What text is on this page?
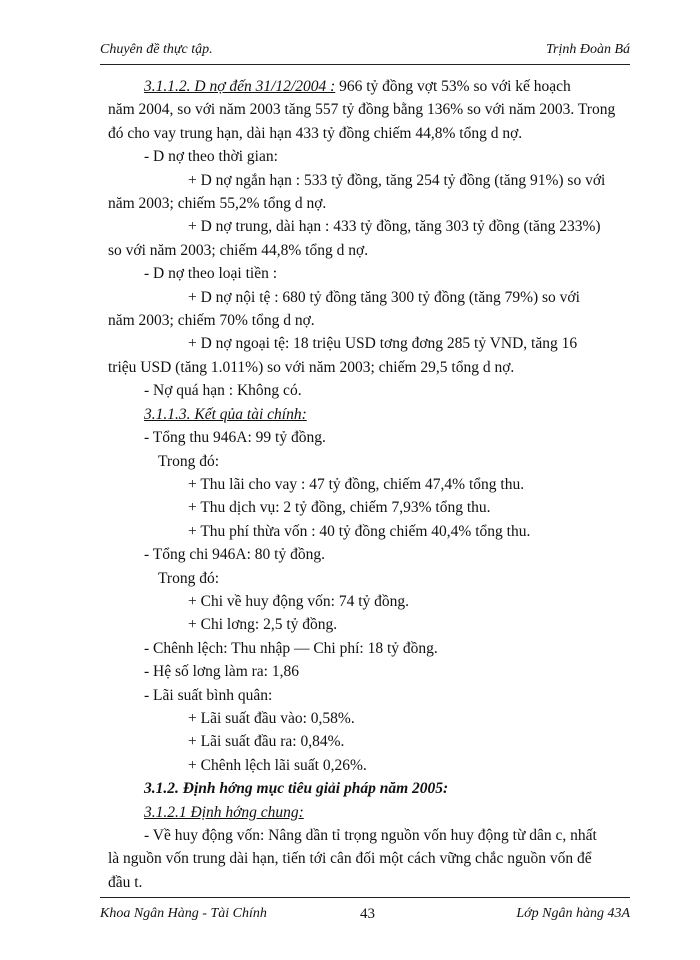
Chuyên đề thực tập.	Trịnh Đoàn Bá

3.1.1.2. D nợ đến 31/12/2004 : 966 tỷ đồng vợt 53% so với kế hoạch

năm 2004, so với năm 2003 tăng 557 tỷ đồng bằng 136% so với năm 2003. Trong

đó cho vay trung hạn, dài hạn 433 tỷ đồng chiếm 44,8% tổng d nợ.

- D nợ theo thời gian:

+ D nợ ngắn hạn : 533 tỷ đồng, tăng 254 tỷ đồng (tăng 91%) so với

năm 2003; chiếm 55,2% tổng d nợ.

+ D nợ trung, dài hạn : 433 tỷ đồng, tăng 303 tỷ đồng (tăng 233%)

so với năm 2003; chiếm 44,8% tổng d nợ.

- D nợ theo loại tiền :

+ D nợ nội tệ : 680 tỷ đồng tăng 300 tỷ đồng (tăng 79%) so với

năm 2003; chiếm 70% tổng d nợ.

+ D nợ ngoại tệ: 18 triệu USD tơng đơng 285 tỷ VND, tăng 16

triệu USD (tăng 1.011%) so với năm 2003; chiếm 29,5 tổng d nợ.

- Nợ quá hạn : Không có.

3.1.1.3. Kết qủa tài chính:

- Tổng thu 946A: 99 tỷ đồng.

Trong đó:

+ Thu lãi cho vay : 47 tỷ đồng, chiếm 47,4% tổng thu.

+ Thu dịch vụ: 2 tỷ đồng, chiếm 7,93% tổng thu.

+ Thu phí thừa vốn : 40 tỷ đồng chiếm 40,4% tổng thu.

- Tổng chi 946A: 80 tỷ đồng.

Trong đó:

+ Chi về huy động vốn: 74 tỷ đồng.

+ Chi lơng: 2,5 tỷ đồng.

- Chênh lệch: Thu nhập — Chi phí: 18 tỷ đồng.

- Hệ số lơng làm ra: 1,86

- Lãi suất bình quân:

+ Lãi suất đầu vào: 0,58%.

+ Lãi suất đầu ra: 0,84%.

+ Chênh lệch lãi suất 0,26%.

3.1.2. Định hớng mục tiêu giải pháp năm 2005:

3.1.2.1 Định hớng chung:

- Về huy động vốn: Nâng dần tỉ trọng nguồn vốn huy động từ dân c, nhất

là nguồn vốn trung dài hạn, tiến tới cân đối một cách vững chắc nguồn vốn để

đầu t.

Khoa Ngân Hàng - Tài Chính	43	Lớp Ngân hàng 43A
